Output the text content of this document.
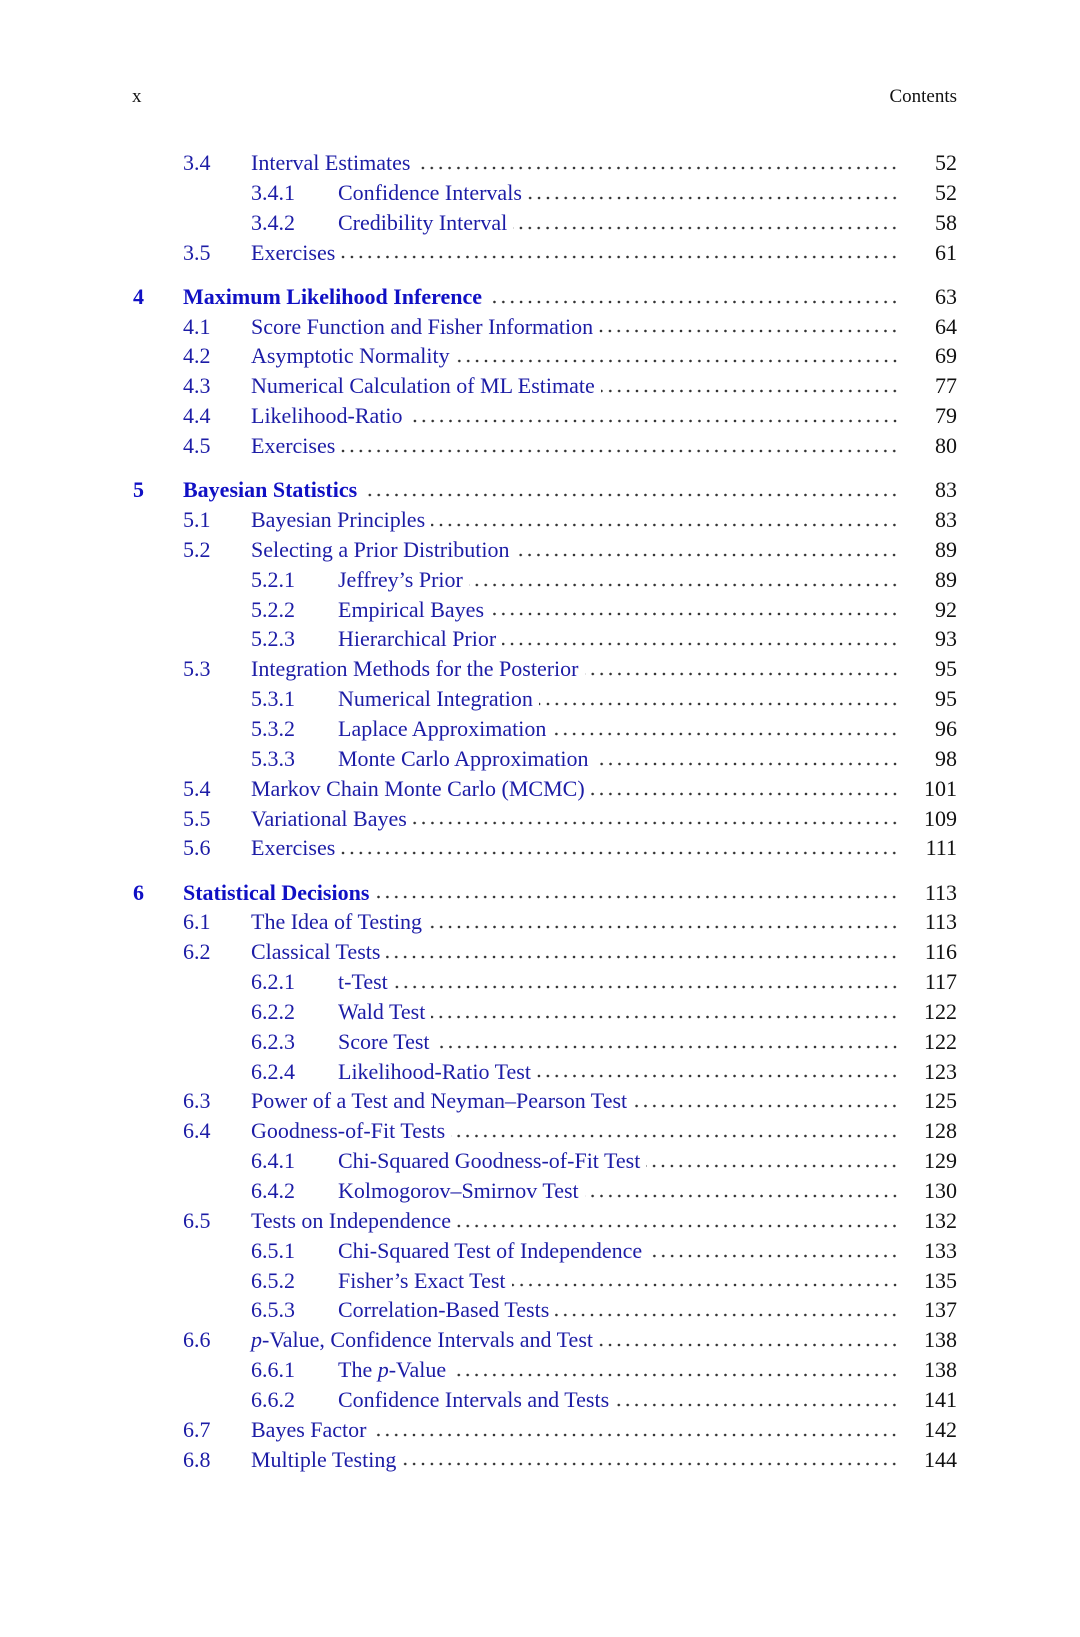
x	Contents
3.4 Interval Estimates	52
3.4.1 Confidence Intervals	52
3.4.2 Credibility Interval	58
3.5 Exercises	61
4 Maximum Likelihood Inference	63
4.1 Score Function and Fisher Information	64
4.2 Asymptotic Normality	69
4.3 Numerical Calculation of ML Estimate	77
4.4 Likelihood-Ratio	79
4.5 Exercises	80
5 Bayesian Statistics	83
5.1 Bayesian Principles	83
5.2 Selecting a Prior Distribution	89
5.2.1 Jeffrey’s Prior	89
5.2.2 Empirical Bayes	92
5.2.3 Hierarchical Prior	93
5.3 Integration Methods for the Posterior	95
5.3.1 Numerical Integration	95
5.3.2 Laplace Approximation	96
5.3.3 Monte Carlo Approximation	98
5.4 Markov Chain Monte Carlo (MCMC)	101
5.5 Variational Bayes	109
5.6 Exercises	111
6 Statistical Decisions	113
6.1 The Idea of Testing	113
6.2 Classical Tests	116
6.2.1 t-Test	117
6.2.2 Wald Test	122
6.2.3 Score Test	122
6.2.4 Likelihood-Ratio Test	123
6.3 Power of a Test and Neyman–Pearson Test	125
6.4 Goodness-of-Fit Tests	128
6.4.1 Chi-Squared Goodness-of-Fit Test	129
6.4.2 Kolmogorov–Smirnov Test	130
6.5 Tests on Independence	132
6.5.1 Chi-Squared Test of Independence	133
6.5.2 Fisher’s Exact Test	135
6.5.3 Correlation-Based Tests	137
6.6 p-Value, Confidence Intervals and Test	138
6.6.1 The p-Value	138
6.6.2 Confidence Intervals and Tests	141
6.7 Bayes Factor	142
6.8 Multiple Testing	144
